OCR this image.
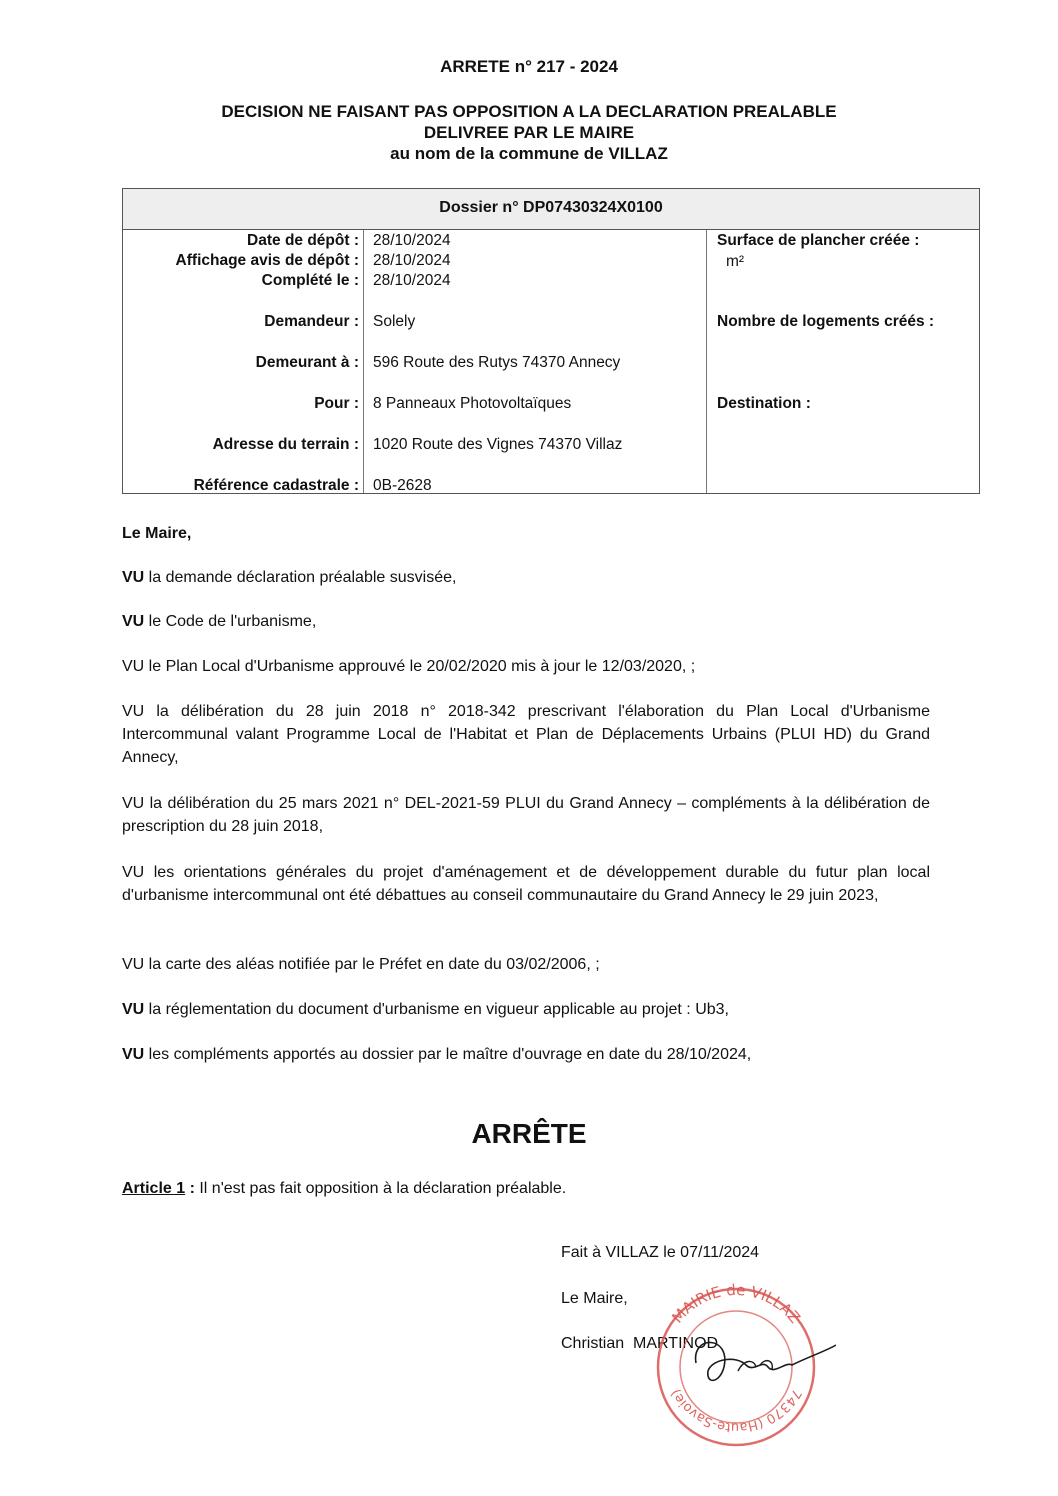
ARRETE n° 217 - 2024
DECISION NE FAISANT PAS OPPOSITION A LA DECLARATION PREALABLE
DELIVREE PAR LE MAIRE
au nom de la commune de VILLAZ
Dossier n° DP07430324X0100
Date de dépôt :
Affichage avis de dépôt :
Complété le :
Demandeur :
Demeurant à :
Pour :
Adresse du terrain :
Référence cadastrale :
28/10/2024
28/10/2024
28/10/2024
Solely
596 Route des Rutys 74370 Annecy
8 Panneaux Photovoltaïques
1020 Route des Vignes 74370 Villaz
0B-2628
Surface de plancher créée :
m²
Nombre de logements créés :
Destination :
Le Maire,
VU la demande déclaration préalable susvisée,
VU le Code de l'urbanisme,
VU le Plan Local d'Urbanisme approuvé le 20/02/2020 mis à jour le 12/03/2020, ;
VU la délibération du 28 juin 2018 n° 2018-342 prescrivant l'élaboration du Plan Local d'Urbanisme Intercommunal valant Programme Local de l'Habitat et Plan de Déplacements Urbains (PLUI HD) du Grand Annecy,
VU la délibération du 25 mars 2021 n° DEL-2021-59 PLUI du Grand Annecy – compléments à la délibération de prescription du 28 juin 2018,
VU les orientations générales du projet d'aménagement et de développement durable du futur plan local d'urbanisme intercommunal ont été débattues au conseil communautaire du Grand Annecy le 29 juin 2023,
VU la carte des aléas notifiée par le Préfet en date du 03/02/2006, ;
VU la réglementation du document d'urbanisme en vigueur applicable au projet : Ub3,
VU les compléments apportés au dossier par le maître d'ouvrage en date du 28/10/2024,
ARRÊTE
Article 1 : Il n'est pas fait opposition à la déclaration préalable.
Fait à VILLAZ le 07/11/2024
Le Maire,
Christian  MARTINOD
MAIRIE de VILLAZ
74370 (Haute-Savoie)
